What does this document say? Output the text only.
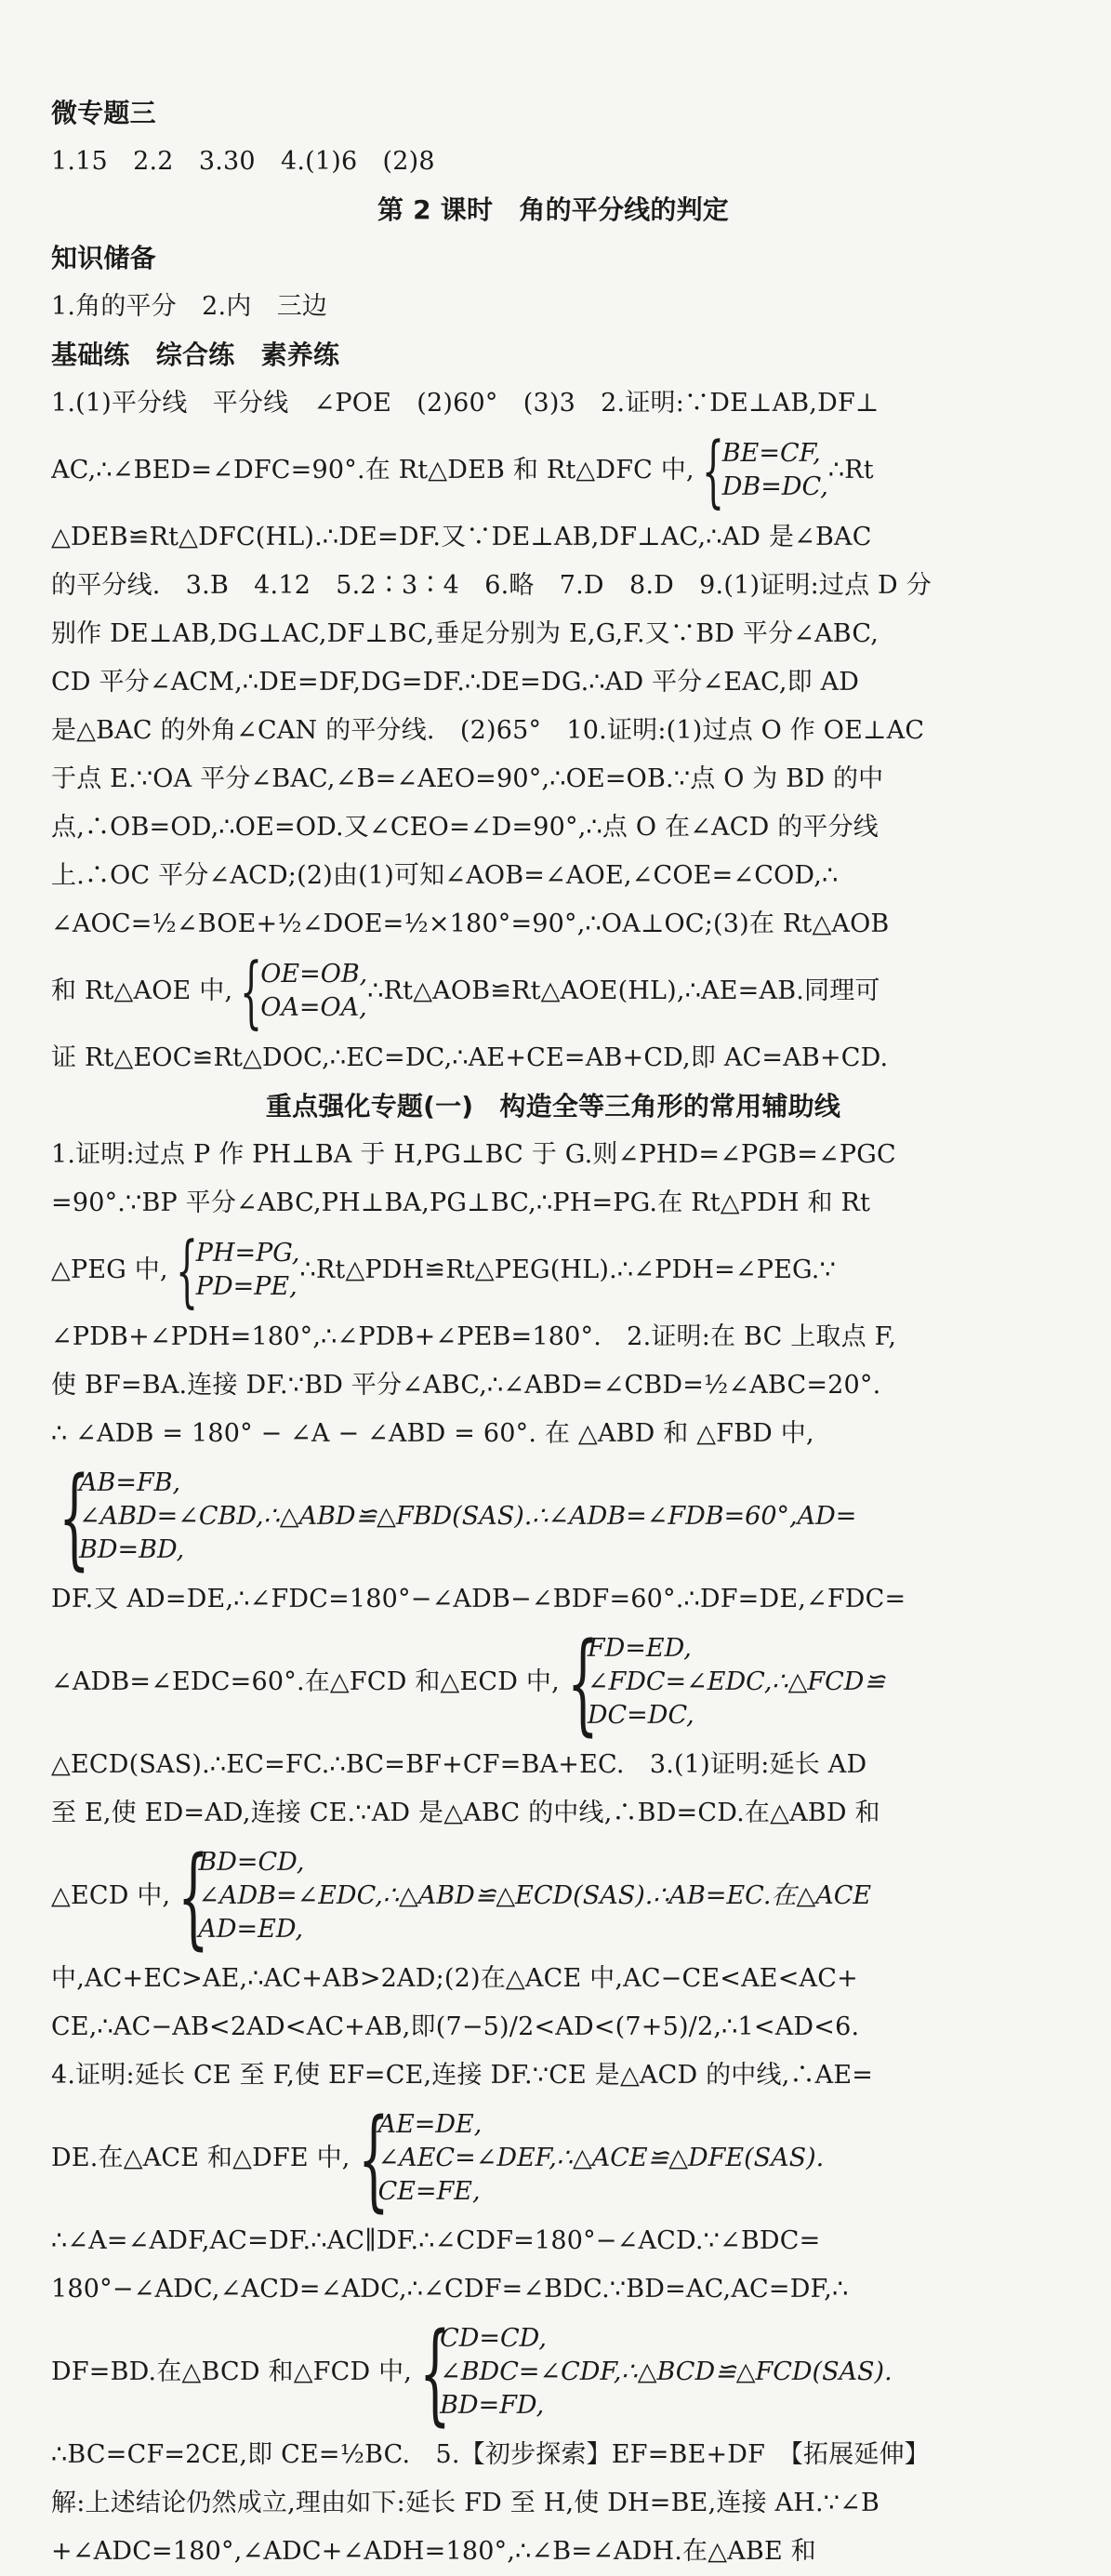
微专题三
1.15　2.2　3.30　4.(1)6　(2)8
第 2 课时　角的平分线的判定
知识储备
1.角的平分　2.内　三边
基础练　综合练　素养练
1.(1)平分线　平分线　∠POE　(2)60°　(3)3　2.证明:∵DE⊥AB,DF⊥
AC,∴∠BED=∠DFC=90°.在 Rt△DEB 和 Rt△DFC 中, {
BE=CF,
DB=DC,
∴Rt
△DEB≌Rt△DFC(HL).∴DE=DF.又∵DE⊥AB,DF⊥AC,∴AD 是∠BAC
的平分线.　3.B　4.12　5.2∶3∶4　6.略　7.D　8.D　9.(1)证明:过点 D 分
别作 DE⊥AB,DG⊥AC,DF⊥BC,垂足分别为 E,G,F.又∵BD 平分∠ABC,
CD 平分∠ACM,∴DE=DF,DG=DF.∴DE=DG.∴AD 平分∠EAC,即 AD
是△BAC 的外角∠CAN 的平分线.　(2)65°　10.证明:(1)过点 O 作 OE⊥AC
于点 E.∵OA 平分∠BAC,∠B=∠AEO=90°,∴OE=OB.∵点 O 为 BD 的中
点,∴OB=OD,∴OE=OD.又∠CEO=∠D=90°,∴点 O 在∠ACD 的平分线
上.∴OC 平分∠ACD;(2)由(1)可知∠AOB=∠AOE,∠COE=∠COD,∴
∠AOC=½∠BOE+½∠DOE=½×180°=90°,∴OA⊥OC;(3)在 Rt△AOB
和 Rt△AOE 中, {
OE=OB,
OA=OA,
∴Rt△AOB≌Rt△AOE(HL),∴AE=AB.同理可
证 Rt△EOC≌Rt△DOC,∴EC=DC,∴AE+CE=AB+CD,即 AC=AB+CD.
重点强化专题(一)　构造全等三角形的常用辅助线
1.证明:过点 P 作 PH⊥BA 于 H,PG⊥BC 于 G.则∠PHD=∠PGB=∠PGC
=90°.∵BP 平分∠ABC,PH⊥BA,PG⊥BC,∴PH=PG.在 Rt△PDH 和 Rt
△PEG 中, {
PH=PG,
PD=PE,
∴Rt△PDH≌Rt△PEG(HL).∴∠PDH=∠PEG.∵
∠PDB+∠PDH=180°,∴∠PDB+∠PEB=180°.　2.证明:在 BC 上取点 F,
使 BF=BA.连接 DF.∵BD 平分∠ABC,∴∠ABD=∠CBD=½∠ABC=20°.
∴ ∠ADB = 180° − ∠A − ∠ABD = 60°. 在 △ABD 和 △FBD 中,
{
AB=FB,
∠ABD=∠CBD,∴△ABD≌△FBD(SAS).∴∠ADB=∠FDB=60°,AD=
BD=BD,
DF.又 AD=DE,∴∠FDC=180°−∠ADB−∠BDF=60°.∴DF=DE,∠FDC=
∠ADB=∠EDC=60°.在△FCD 和△ECD 中, {
FD=ED,
∠FDC=∠EDC,∴△FCD≌
DC=DC,
△ECD(SAS).∴EC=FC.∴BC=BF+CF=BA+EC.　3.(1)证明:延长 AD
至 E,使 ED=AD,连接 CE.∵AD 是△ABC 的中线,∴BD=CD.在△ABD 和
△ECD 中, {
BD=CD,
∠ADB=∠EDC,∴△ABD≌△ECD(SAS).∴AB=EC.在△ACE
AD=ED,
中,AC+EC>AE,∴AC+AB>2AD;(2)在△ACE 中,AC−CE<AE<AC+
CE,∴AC−AB<2AD<AC+AB,即(7−5)/2<AD<(7+5)/2,∴1<AD<6.
4.证明:延长 CE 至 F,使 EF=CE,连接 DF.∵CE 是△ACD 的中线,∴AE=
DE.在△ACE 和△DFE 中, {
AE=DE,
∠AEC=∠DEF,∴△ACE≌△DFE(SAS).
CE=FE,
∴∠A=∠ADF,AC=DF.∴AC∥DF.∴∠CDF=180°−∠ACD.∵∠BDC=
180°−∠ADC,∠ACD=∠ADC,∴∠CDF=∠BDC.∵BD=AC,AC=DF,∴
DF=BD.在△BCD 和△FCD 中, {
CD=CD,
∠BDC=∠CDF,∴△BCD≌△FCD(SAS).
BD=FD,
∴BC=CF=2CE,即 CE=½BC.　5.【初步探索】EF=BE+DF　【拓展延伸】
解:上述结论仍然成立,理由如下:延长 FD 至 H,使 DH=BE,连接 AH.∵∠B
+∠ADC=180°,∠ADC+∠ADH=180°,∴∠B=∠ADH.在△ABE 和
